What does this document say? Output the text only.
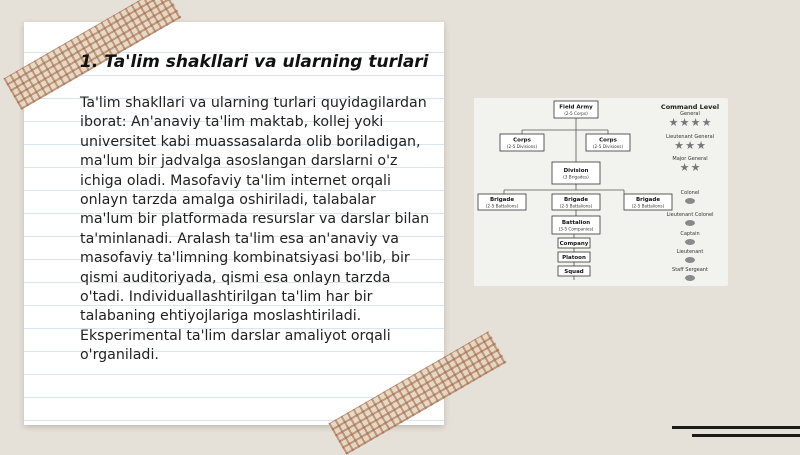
1. Ta'lim shakllari va ularning turlari

Ta'lim shakllari va ularning turlari quyidagilardan iborat: An'anaviy ta'lim maktab, kollej yoki universitet kabi muassasalarda olib boriladigan, ma'lum bir jadvalga asoslangan darslarni o'z ichiga oladi. Masofaviy ta'lim internet orqali onlayn tarzda amalga oshiriladi, talabalar ma'lum bir platformada resurslar va darslar bilan ta'minlanadi. Aralash ta'lim esa an'anaviy va masofaviy ta'limning kombinatsiyasi bo'lib, bir qismi auditoriyada, qismi esa onlayn tarzda o'tadi. Individuallashtirilgan ta'lim har bir talabaning ehtiyojlariga moslashtiriladi. Eksperimental ta'lim darslar amaliyot orqali o'rganiladi.

Field Army
(2-5 Corps)
Corps
(2-5 Divisions)
Corps
(2-5 Divisions)
Division
(3 Brigades)
Brigade
(2-5 Battalions)
Brigade
(2-5 Battalions)
Brigade
(2-5 Battalions)
Battalion
(3-5 Companies)
Company
Platoon
Squad
Command Level
General
★ ★ ★ ★
Lieutenant General
★ ★ ★
Major General
★ ★
Colonel
Lieutenant Colonel
Captain
Lieutenant
Staff Sergeant
